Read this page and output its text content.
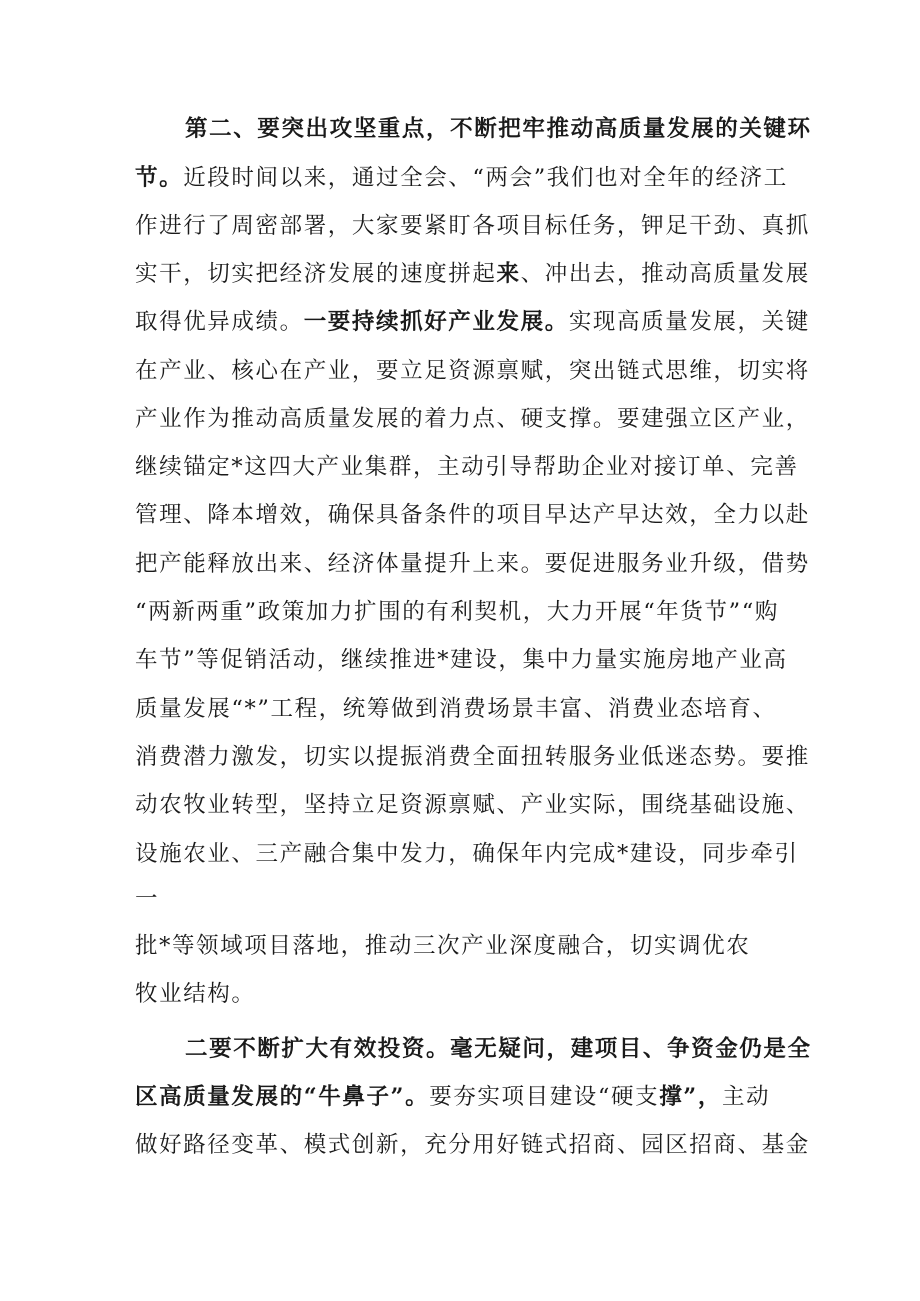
第二、要突出攻坚重点，不断把牢推动高质量发展的关键环
节。近段时间以来，通过全会、“两会”我们也对全年的经济工
作进行了周密部署，大家要紧盯各项目标任务，钾足干劲、真抓
实干，切实把经济发展的速度拼起来、冲出去，推动高质量发展
取得优异成绩。一要持续抓好产业发展。实现高质量发展，关键
在产业、核心在产业，要立足资源禀赋，突出链式思维，切实将
产业作为推动高质量发展的着力点、硬支撑。要建强立区产业，
继续锚定*这四大产业集群，主动引导帮助企业对接订单、完善
管理、降本增效，确保具备条件的项目早达产早达效，全力以赴
把产能释放出来、经济体量提升上来。要促进服务业升级，借势
“两新两重”政策加力扩围的有利契机，大力开展“年货节”“购
车节”等促销活动，继续推进*建设，集中力量实施房地产业高
质量发展“*”工程，统筹做到消费场景丰富、消费业态培育、
消费潜力激发，切实以提振消费全面扭转服务业低迷态势。要推
动农牧业转型，坚持立足资源禀赋、产业实际，围绕基础设施、
设施农业、三产融合集中发力，确保年内完成*建设，同步牵引
一
批*等领域项目落地，推动三次产业深度融合，切实调优农
牧业结构。
二要不断扩大有效投资。毫无疑问，建项目、争资金仍是全
区高质量发展的“牛鼻子”。要夯实项目建设“硬支撑”，主动
做好路径变革、模式创新，充分用好链式招商、园区招商、基金
